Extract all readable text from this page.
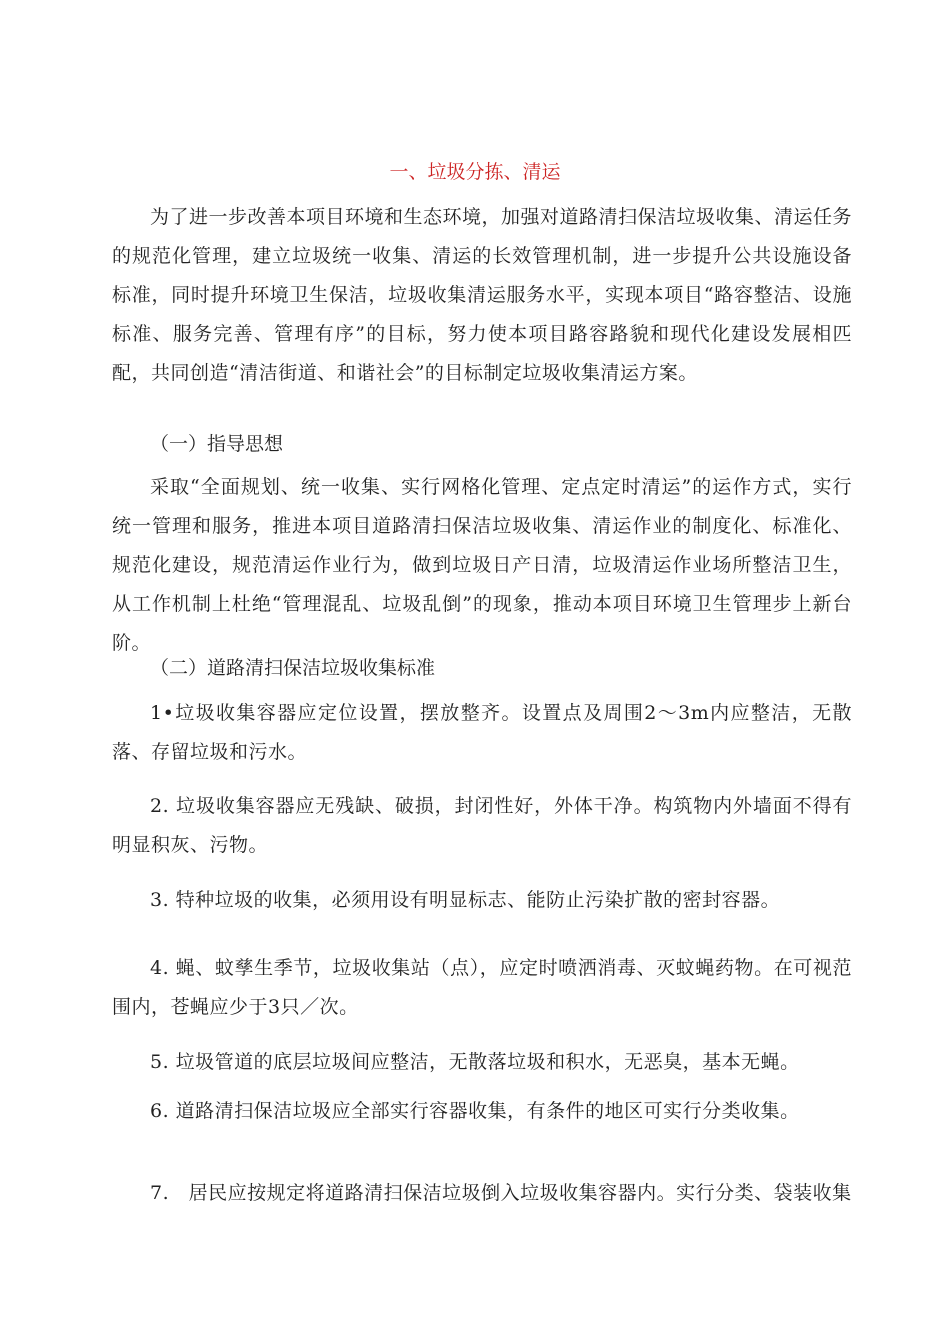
一、垃圾分拣、清运
为了进一步改善本项目环境和生态环境，加强对道路清扫保洁垃圾收集、清运任务的规范化管理，建立垃圾统一收集、清运的长效管理机制，进一步提升公共设施设备标准，同时提升环境卫生保洁，垃圾收集清运服务水平，实现本项目“路容整洁、设施标准、服务完善、管理有序”的目标，努力使本项目路容路貌和现代化建设发展相匹配，共同创造“清洁街道、和谐社会”的目标制定垃圾收集清运方案。
（一）指导思想
采取“全面规划、统一收集、实行网格化管理、定点定时清运”的运作方式，实行统一管理和服务，推进本项目道路清扫保洁垃圾收集、清运作业的制度化、标准化、规范化建设，规范清运作业行为，做到垃圾日产日清，垃圾清运作业场所整洁卫生，从工作机制上杜绝“管理混乱、垃圾乱倒”的现象，推动本项目环境卫生管理步上新台阶。
（二）道路清扫保洁垃圾收集标准
1•垃圾收集容器应定位设置，摆放整齐。设置点及周围2〜3m内应整洁，无散落、存留垃圾和污水。
2. 垃圾收集容器应无残缺、破损，封闭性好，外体干净。构筑物内外墙面不得有明显积灰、污物。
3. 特种垃圾的收集，必须用设有明显标志、能防止污染扩散的密封容器。
4. 蝇、蚊孳生季节，垃圾收集站（点），应定时喷洒消毒、灭蚊蝇药物。在可视范围内，苍蝇应少于3只／次。
5. 垃圾管道的底层垃圾间应整洁，无散落垃圾和积水，无恶臭，基本无蝇。
6. 道路清扫保洁垃圾应全部实行容器收集，有条件的地区可实行分类收集。
7.　居民应按规定将道路清扫保洁垃圾倒入垃圾收集容器内。实行分类、袋装收集
